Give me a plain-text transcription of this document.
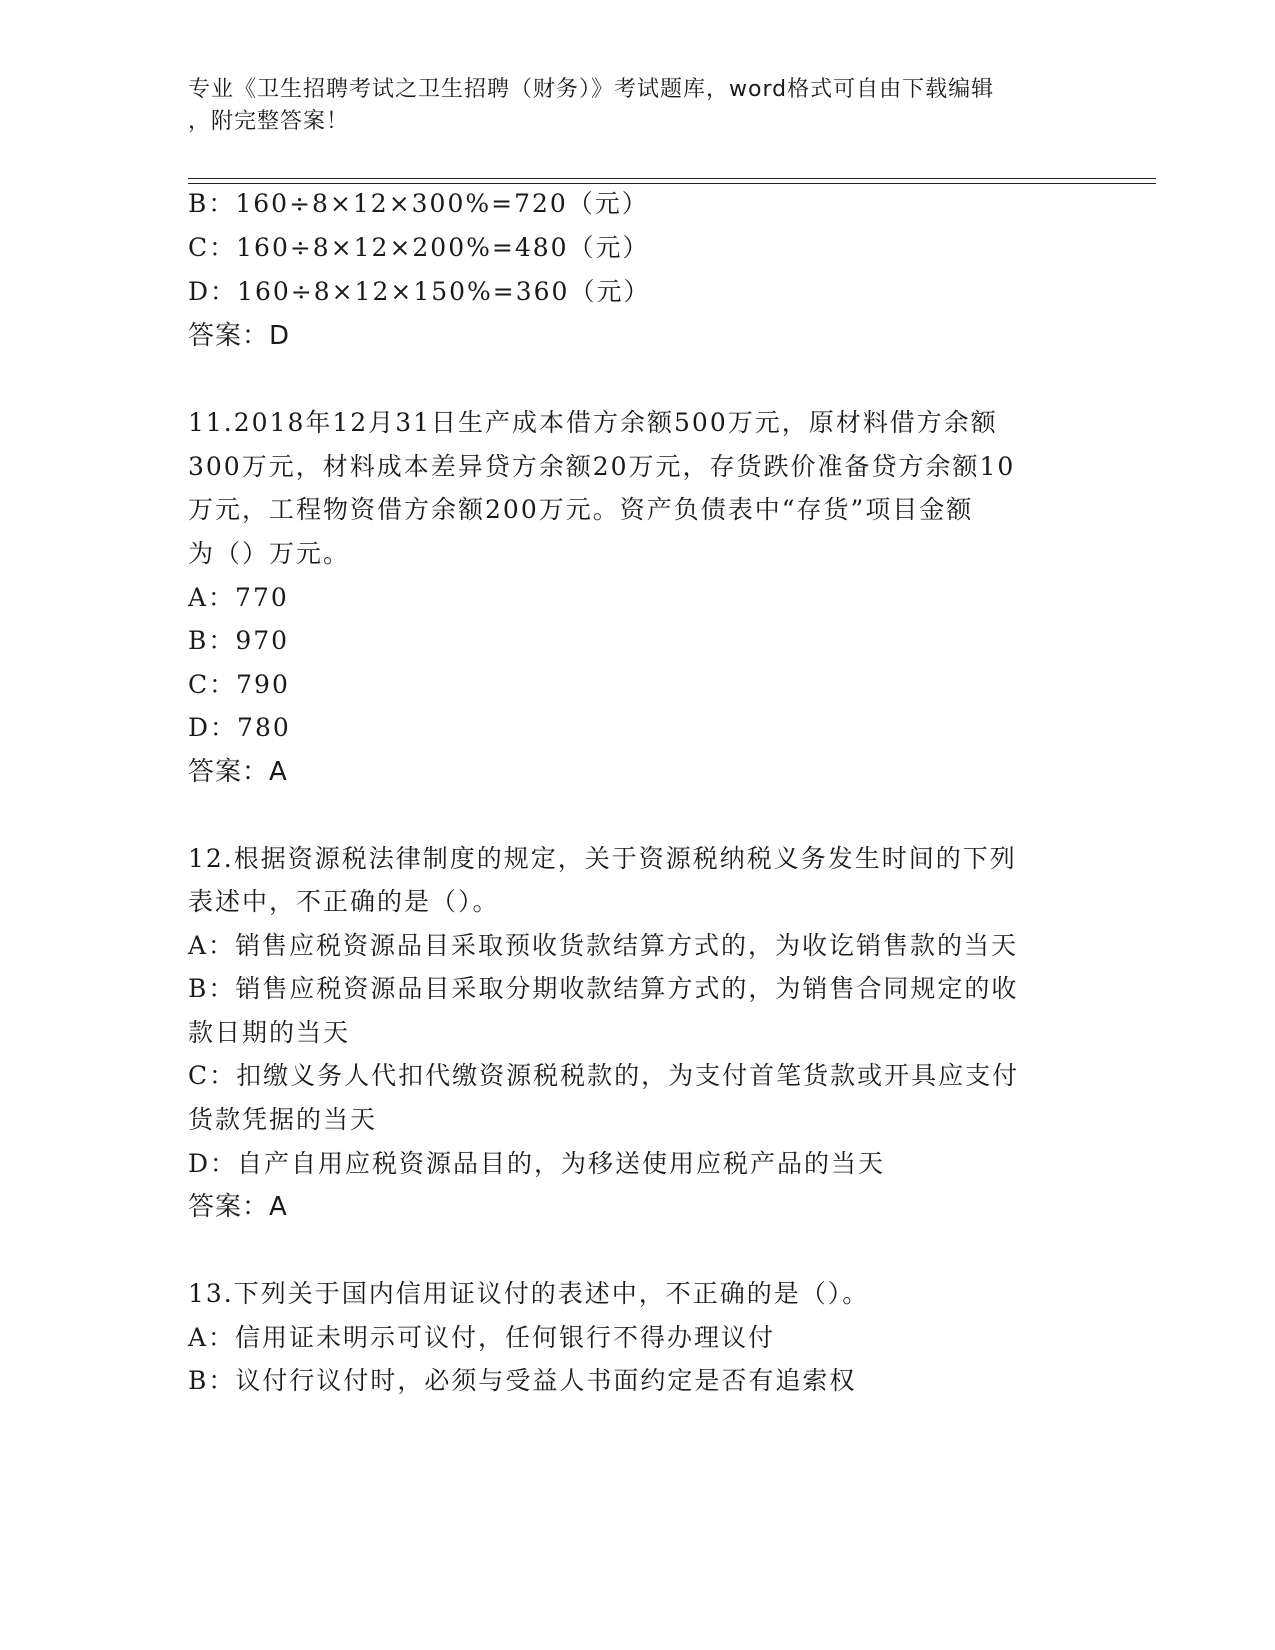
专业《卫生招聘考试之卫生招聘（财务）》考试题库，word格式可自由下载编辑
，附完整答案！
B：160÷8×12×300%=720（元）
C：160÷8×12×200%=480（元）
D：160÷8×12×150%=360（元）
答案：D
11.2018年12月31日生产成本借方余额500万元，原材料借方余额
300万元，材料成本差异贷方余额20万元，存货跌价准备贷方余额10
万元，工程物资借方余额200万元。资产负债表中“存货”项目金额
为（）万元。
A：770
B：970
C：790
D：780
答案：A
12.根据资源税法律制度的规定，关于资源税纳税义务发生时间的下列
表述中，不正确的是（）。
A：销售应税资源品目采取预收货款结算方式的，为收讫销售款的当天
B：销售应税资源品目采取分期收款结算方式的，为销售合同规定的收
款日期的当天
C：扣缴义务人代扣代缴资源税税款的，为支付首笔货款或开具应支付
货款凭据的当天
D：自产自用应税资源品目的，为移送使用应税产品的当天
答案：A
13.下列关于国内信用证议付的表述中，不正确的是（）。
A：信用证未明示可议付，任何银行不得办理议付
B：议付行议付时，必须与受益人书面约定是否有追索权
